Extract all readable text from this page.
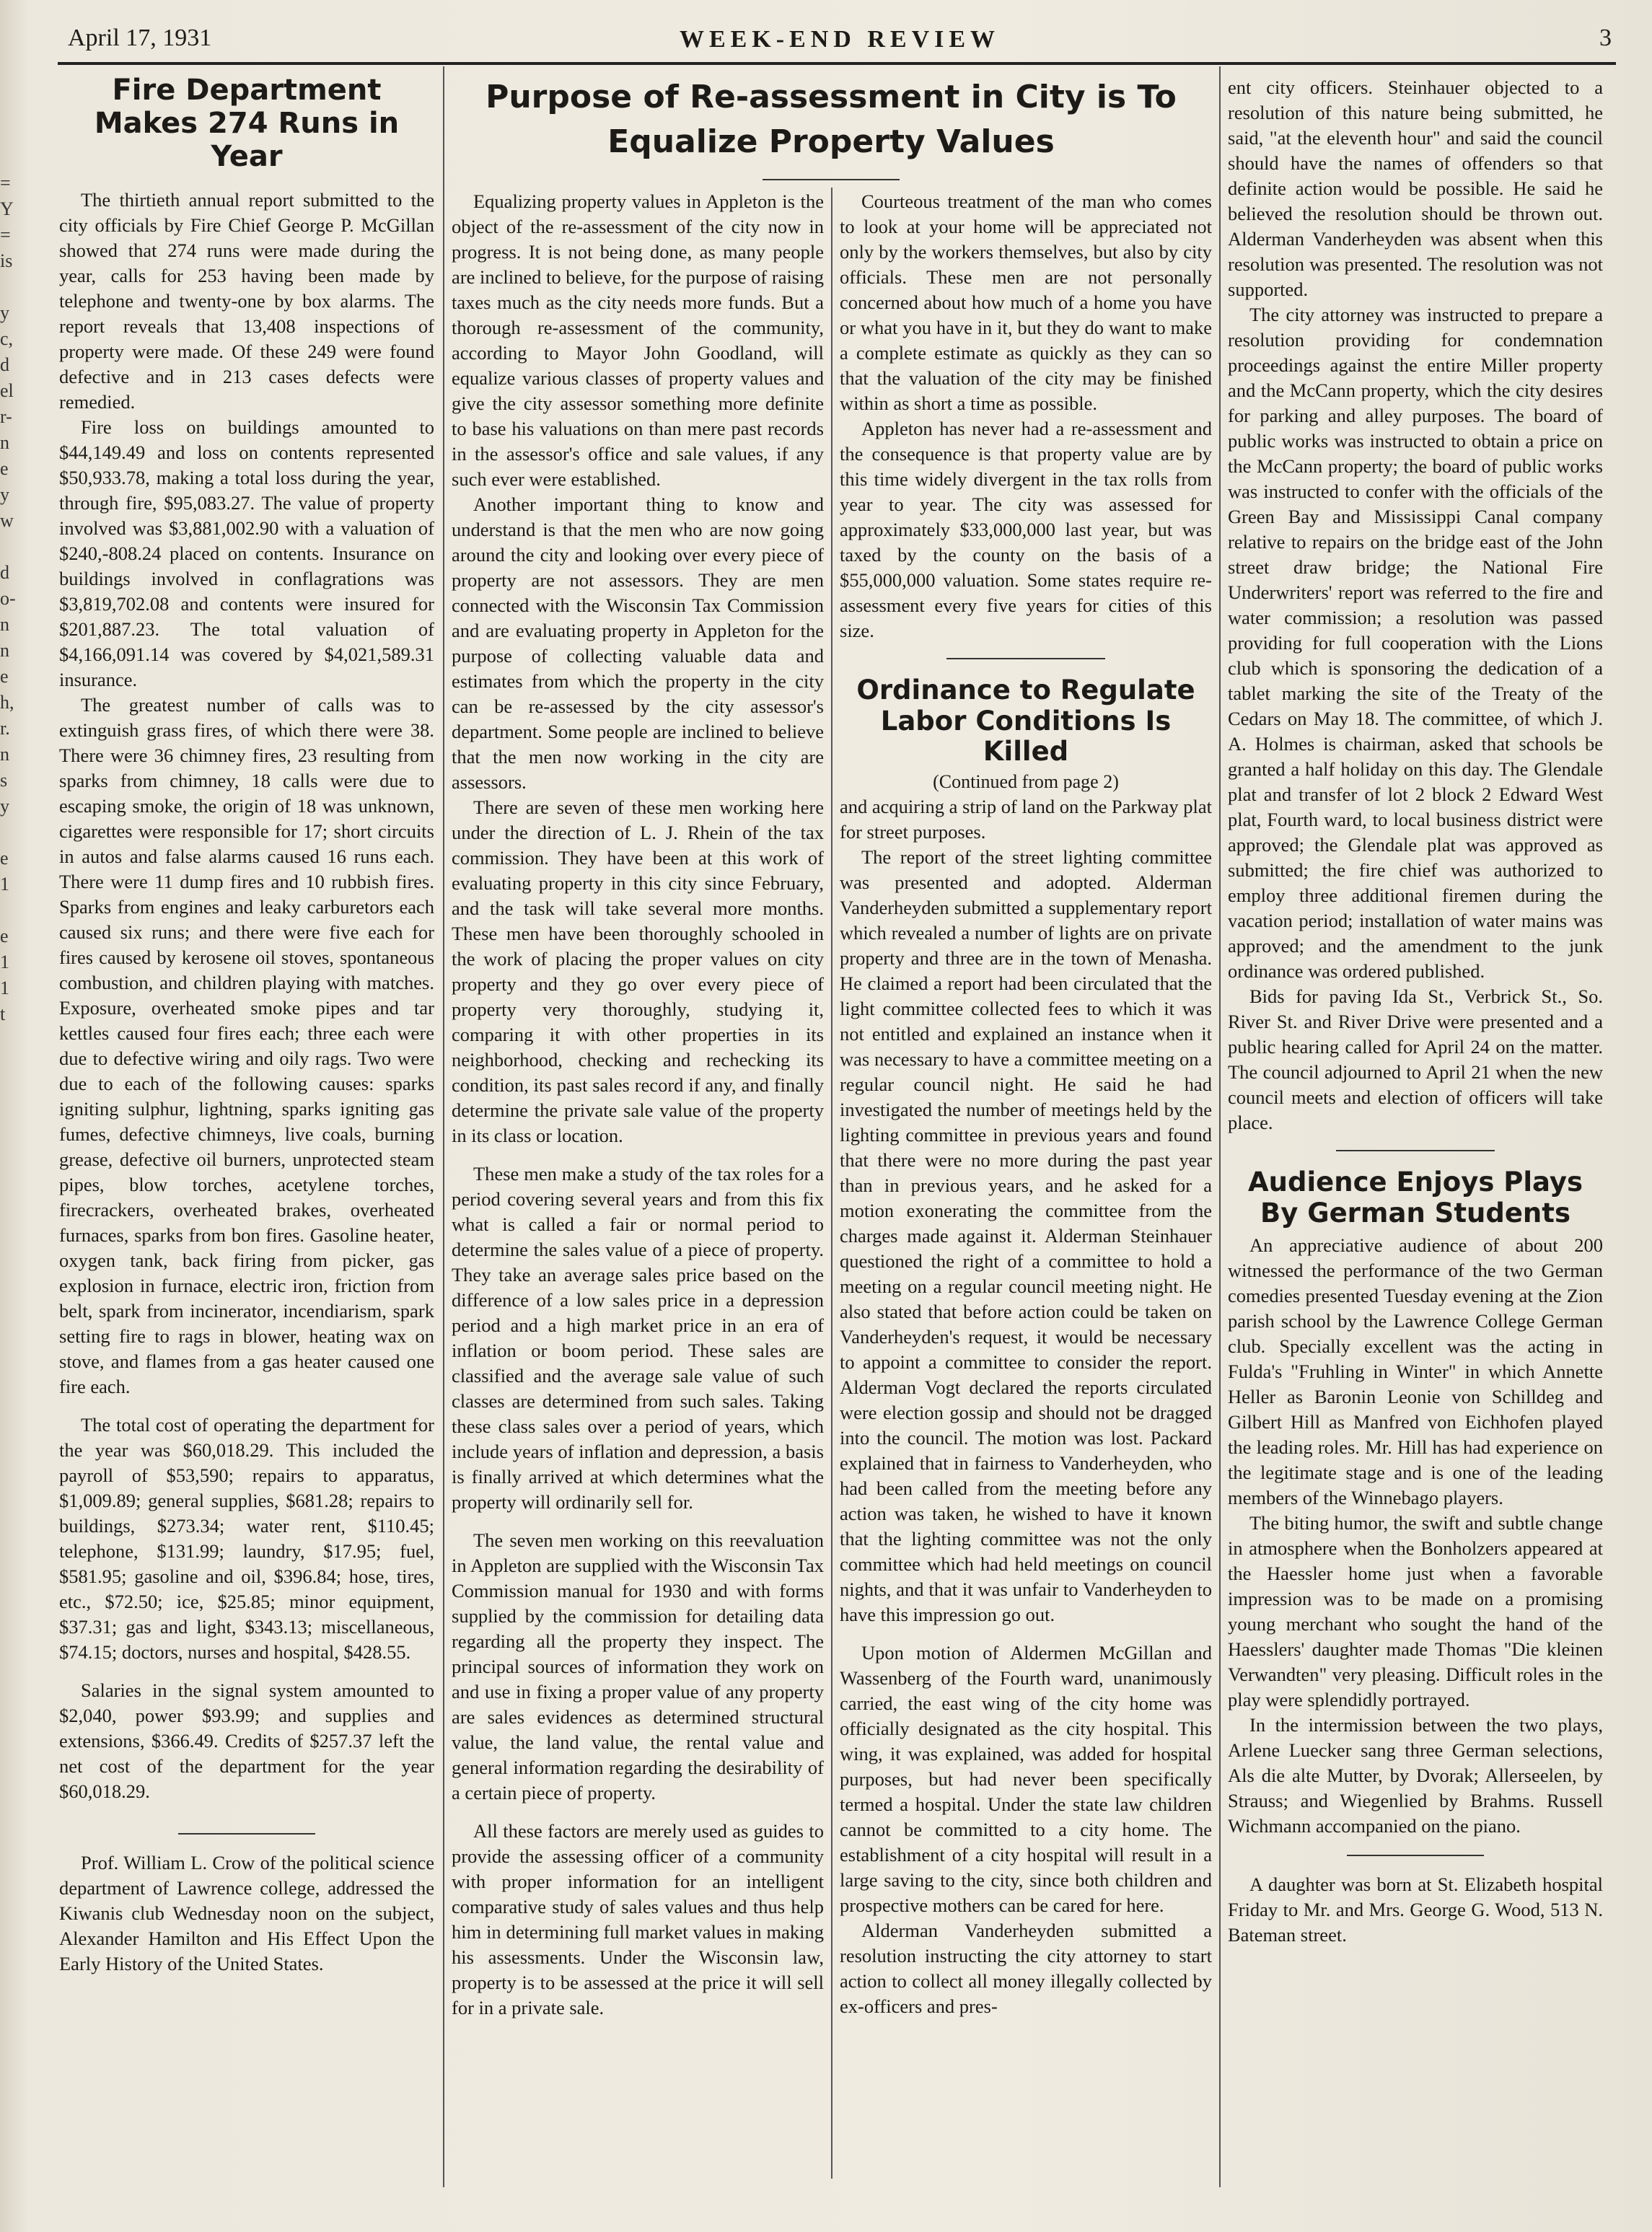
=
Y
=
is

y
c,
d
el
r-
n
e
y
w

d
o-
n
n
e
h,
r.
n
s
y

e
1

e
1
1
t
April 17, 1931	WEEK-END REVIEW	3
Fire Department Makes 274 Runs in Year

The thirtieth annual report submitted to the city officials by Fire Chief George P. McGillan showed that 274 runs were made during the year, calls for 253 having been made by telephone and twenty-one by box alarms. The report reveals that 13,408 inspections of property were made. Of these 249 were found defective and in 213 cases defects were remedied.

Fire loss on buildings amounted to $44,149.49 and loss on contents represented $50,933.78, making a total loss during the year, through fire, $95,083.27. The value of property involved was $3,881,002.90 with a valuation of $240,-808.24 placed on contents. Insurance on buildings involved in conflagrations was $3,819,702.08 and contents were insured for $201,887.23. The total valuation of $4,166,091.14 was covered by $4,021,589.31 insurance.

The greatest number of calls was to extinguish grass fires, of which there were 38. There were 36 chimney fires, 23 resulting from sparks from chimney, 18 calls were due to escaping smoke, the origin of 18 was unknown, cigarettes were responsible for 17; short circuits in autos and false alarms caused 16 runs each. There were 11 dump fires and 10 rubbish fires. Sparks from engines and leaky carburetors each caused six runs; and there were five each for fires caused by kerosene oil stoves, spontaneous combustion, and children playing with matches. Exposure, overheated smoke pipes and tar kettles caused four fires each; three each were due to defective wiring and oily rags. Two were due to each of the following causes: sparks igniting sulphur, lightning, sparks igniting gas fumes, defective chimneys, live coals, burning grease, defective oil burners, unprotected steam pipes, blow torches, acetylene torches, firecrackers, overheated brakes, overheated furnaces, sparks from bon fires. Gasoline heater, oxygen tank, back firing from picker, gas explosion in furnace, electric iron, friction from belt, spark from incinerator, incendiarism, spark setting fire to rags in blower, heating wax on stove, and flames from a gas heater caused one fire each.

The total cost of operating the department for the year was $60,018.29. This included the payroll of $53,590; repairs to apparatus, $1,009.89; general supplies, $681.28; repairs to buildings, $273.34; water rent, $110.45; telephone, $131.99; laundry, $17.95; fuel, $581.95; gasoline and oil, $396.84; hose, tires, etc., $72.50; ice, $25.85; minor equipment, $37.31; gas and light, $343.13; miscellaneous, $74.15; doctors, nurses and hospital, $428.55.

Salaries in the signal system amounted to $2,040, power $93.99; and supplies and extensions, $366.49. Credits of $257.37 left the net cost of the department for the year $60,018.29.

Prof. William L. Crow of the political science department of Lawrence college, addressed the Kiwanis club Wednesday noon on the subject, Alexander Hamilton and His Effect Upon the Early History of the United States.

Purpose of Re-assessment in City is To Equalize Property Values

Equalizing property values in Appleton is the object of the re-assessment of the city now in progress. It is not being done, as many people are inclined to believe, for the purpose of raising taxes much as the city needs more funds. But a thorough re-assessment of the community, according to Mayor John Goodland, will equalize various classes of property values and give the city assessor something more definite to base his valuations on than mere past records in the assessor's office and sale values, if any such ever were established.

Another important thing to know and understand is that the men who are now going around the city and looking over every piece of property are not assessors. They are men connected with the Wisconsin Tax Commission and are evaluating property in Appleton for the purpose of collecting valuable data and estimates from which the property in the city can be re-assessed by the city assessor's department. Some people are inclined to believe that the men now working in the city are assessors.

There are seven of these men working here under the direction of L. J. Rhein of the tax commission. They have been at this work of evaluating property in this city since February, and the task will take several more months. These men have been thoroughly schooled in the work of placing the proper values on city property and they go over every piece of property very thoroughly, studying it, comparing it with other properties in its neighborhood, checking and rechecking its condition, its past sales record if any, and finally determine the private sale value of the property in its class or location.

These men make a study of the tax roles for a period covering several years and from this fix what is called a fair or normal period to determine the sales value of a piece of property. They take an average sales price based on the difference of a low sales price in a depression period and a high market price in an era of inflation or boom period. These sales are classified and the average sale value of such classes are determined from such sales. Taking these class sales over a period of years, which include years of inflation and depression, a basis is finally arrived at which determines what the property will ordinarily sell for.

The seven men working on this reevaluation in Appleton are supplied with the Wisconsin Tax Commission manual for 1930 and with forms supplied by the commission for detailing data regarding all the property they inspect. The principal sources of information they work on and use in fixing a proper value of any property are sales evidences as determined structural value, the land value, the rental value and general information regarding the desirability of a certain piece of property.

All these factors are merely used as guides to provide the assessing officer of a community with proper information for an intelligent comparative study of sales values and thus help him in determining full market values in making his assessments. Under the Wisconsin law, property is to be assessed at the price it will sell for in a private sale.

Courteous treatment of the man who comes to look at your home will be appreciated not only by the workers themselves, but also by city officials. These men are not personally concerned about how much of a home you have or what you have in it, but they do want to make a complete estimate as quickly as they can so that the valuation of the city may be finished within as short a time as possible.

Appleton has never had a re-assessment and the consequence is that property value are by this time widely divergent in the tax rolls from year to year. The city was assessed for approximately $33,000,000 last year, but was taxed by the county on the basis of a $55,000,000 valuation. Some states require re-assessment every five years for cities of this size.

Ordinance to Regulate Labor Conditions Is Killed
(Continued from page 2)

and acquiring a strip of land on the Parkway plat for street purposes.

The report of the street lighting committee was presented and adopted. Alderman Vanderheyden submitted a supplementary report which revealed a number of lights are on private property and three are in the town of Menasha. He claimed a report had been circulated that the light committee collected fees to which it was not entitled and explained an instance when it was necessary to have a committee meeting on a regular council night. He said he had investigated the number of meetings held by the lighting committee in previous years and found that there were no more during the past year than in previous years, and he asked for a motion exonerating the committee from the charges made against it. Alderman Steinhauer questioned the right of a committee to hold a meeting on a regular council meeting night. He also stated that before action could be taken on Vanderheyden's request, it would be necessary to appoint a committee to consider the report. Alderman Vogt declared the reports circulated were election gossip and should not be dragged into the council. The motion was lost. Packard explained that in fairness to Vanderheyden, who had been called from the meeting before any action was taken, he wished to have it known that the lighting committee was not the only committee which had held meetings on council nights, and that it was unfair to Vanderheyden to have this impression go out.

Upon motion of Aldermen McGillan and Wassenberg of the Fourth ward, unanimously carried, the east wing of the city home was officially designated as the city hospital. This wing, it was explained, was added for hospital purposes, but had never been specifically termed a hospital. Under the state law children cannot be committed to a city home. The establishment of a city hospital will result in a large saving to the city, since both children and prospective mothers can be cared for here.

Alderman Vanderheyden submitted a resolution instructing the city attorney to start action to collect all money illegally collected by ex-officers and pres-

ent city officers. Steinhauer objected to a resolution of this nature being submitted, he said, "at the eleventh hour" and said the council should have the names of offenders so that definite action would be possible. He said he believed the resolution should be thrown out. Alderman Vanderheyden was absent when this resolution was presented. The resolution was not supported.

The city attorney was instructed to prepare a resolution providing for condemnation proceedings against the entire Miller property and the McCann property, which the city desires for parking and alley purposes. The board of public works was instructed to obtain a price on the McCann property; the board of public works was instructed to confer with the officials of the Green Bay and Mississippi Canal company relative to repairs on the bridge east of the John street draw bridge; the National Fire Underwriters' report was referred to the fire and water commission; a resolution was passed providing for full cooperation with the Lions club which is sponsoring the dedication of a tablet marking the site of the Treaty of the Cedars on May 18. The committee, of which J. A. Holmes is chairman, asked that schools be granted a half holiday on this day. The Glendale plat and transfer of lot 2 block 2 Edward West plat, Fourth ward, to local business district were approved; the Glendale plat was approved as submitted; the fire chief was authorized to employ three additional firemen during the vacation period; installation of water mains was approved; and the amendment to the junk ordinance was ordered published.

Bids for paving Ida St., Verbrick St., So. River St. and River Drive were presented and a public hearing called for April 24 on the matter. The council adjourned to April 21 when the new council meets and election of officers will take place.

Audience Enjoys Plays By German Students

An appreciative audience of about 200 witnessed the performance of the two German comedies presented Tuesday evening at the Zion parish school by the Lawrence College German club. Specially excellent was the acting in Fulda's "Fruhling in Winter" in which Annette Heller as Baronin Leonie von Schilldeg and Gilbert Hill as Manfred von Eichhofen played the leading roles. Mr. Hill has had experience on the legitimate stage and is one of the leading members of the Winnebago players.

The biting humor, the swift and subtle change in atmosphere when the Bonholzers appeared at the Haessler home just when a favorable impression was to be made on a promising young merchant who sought the hand of the Haesslers' daughter made Thomas "Die kleinen Verwandten" very pleasing. Difficult roles in the play were splendidly portrayed.

In the intermission between the two plays, Arlene Luecker sang three German selections, Als die alte Mutter, by Dvorak; Allerseelen, by Strauss; and Wiegenlied by Brahms. Russell Wichmann accompanied on the piano.

A daughter was born at St. Elizabeth hospital Friday to Mr. and Mrs. George G. Wood, 513 N. Bateman street.
